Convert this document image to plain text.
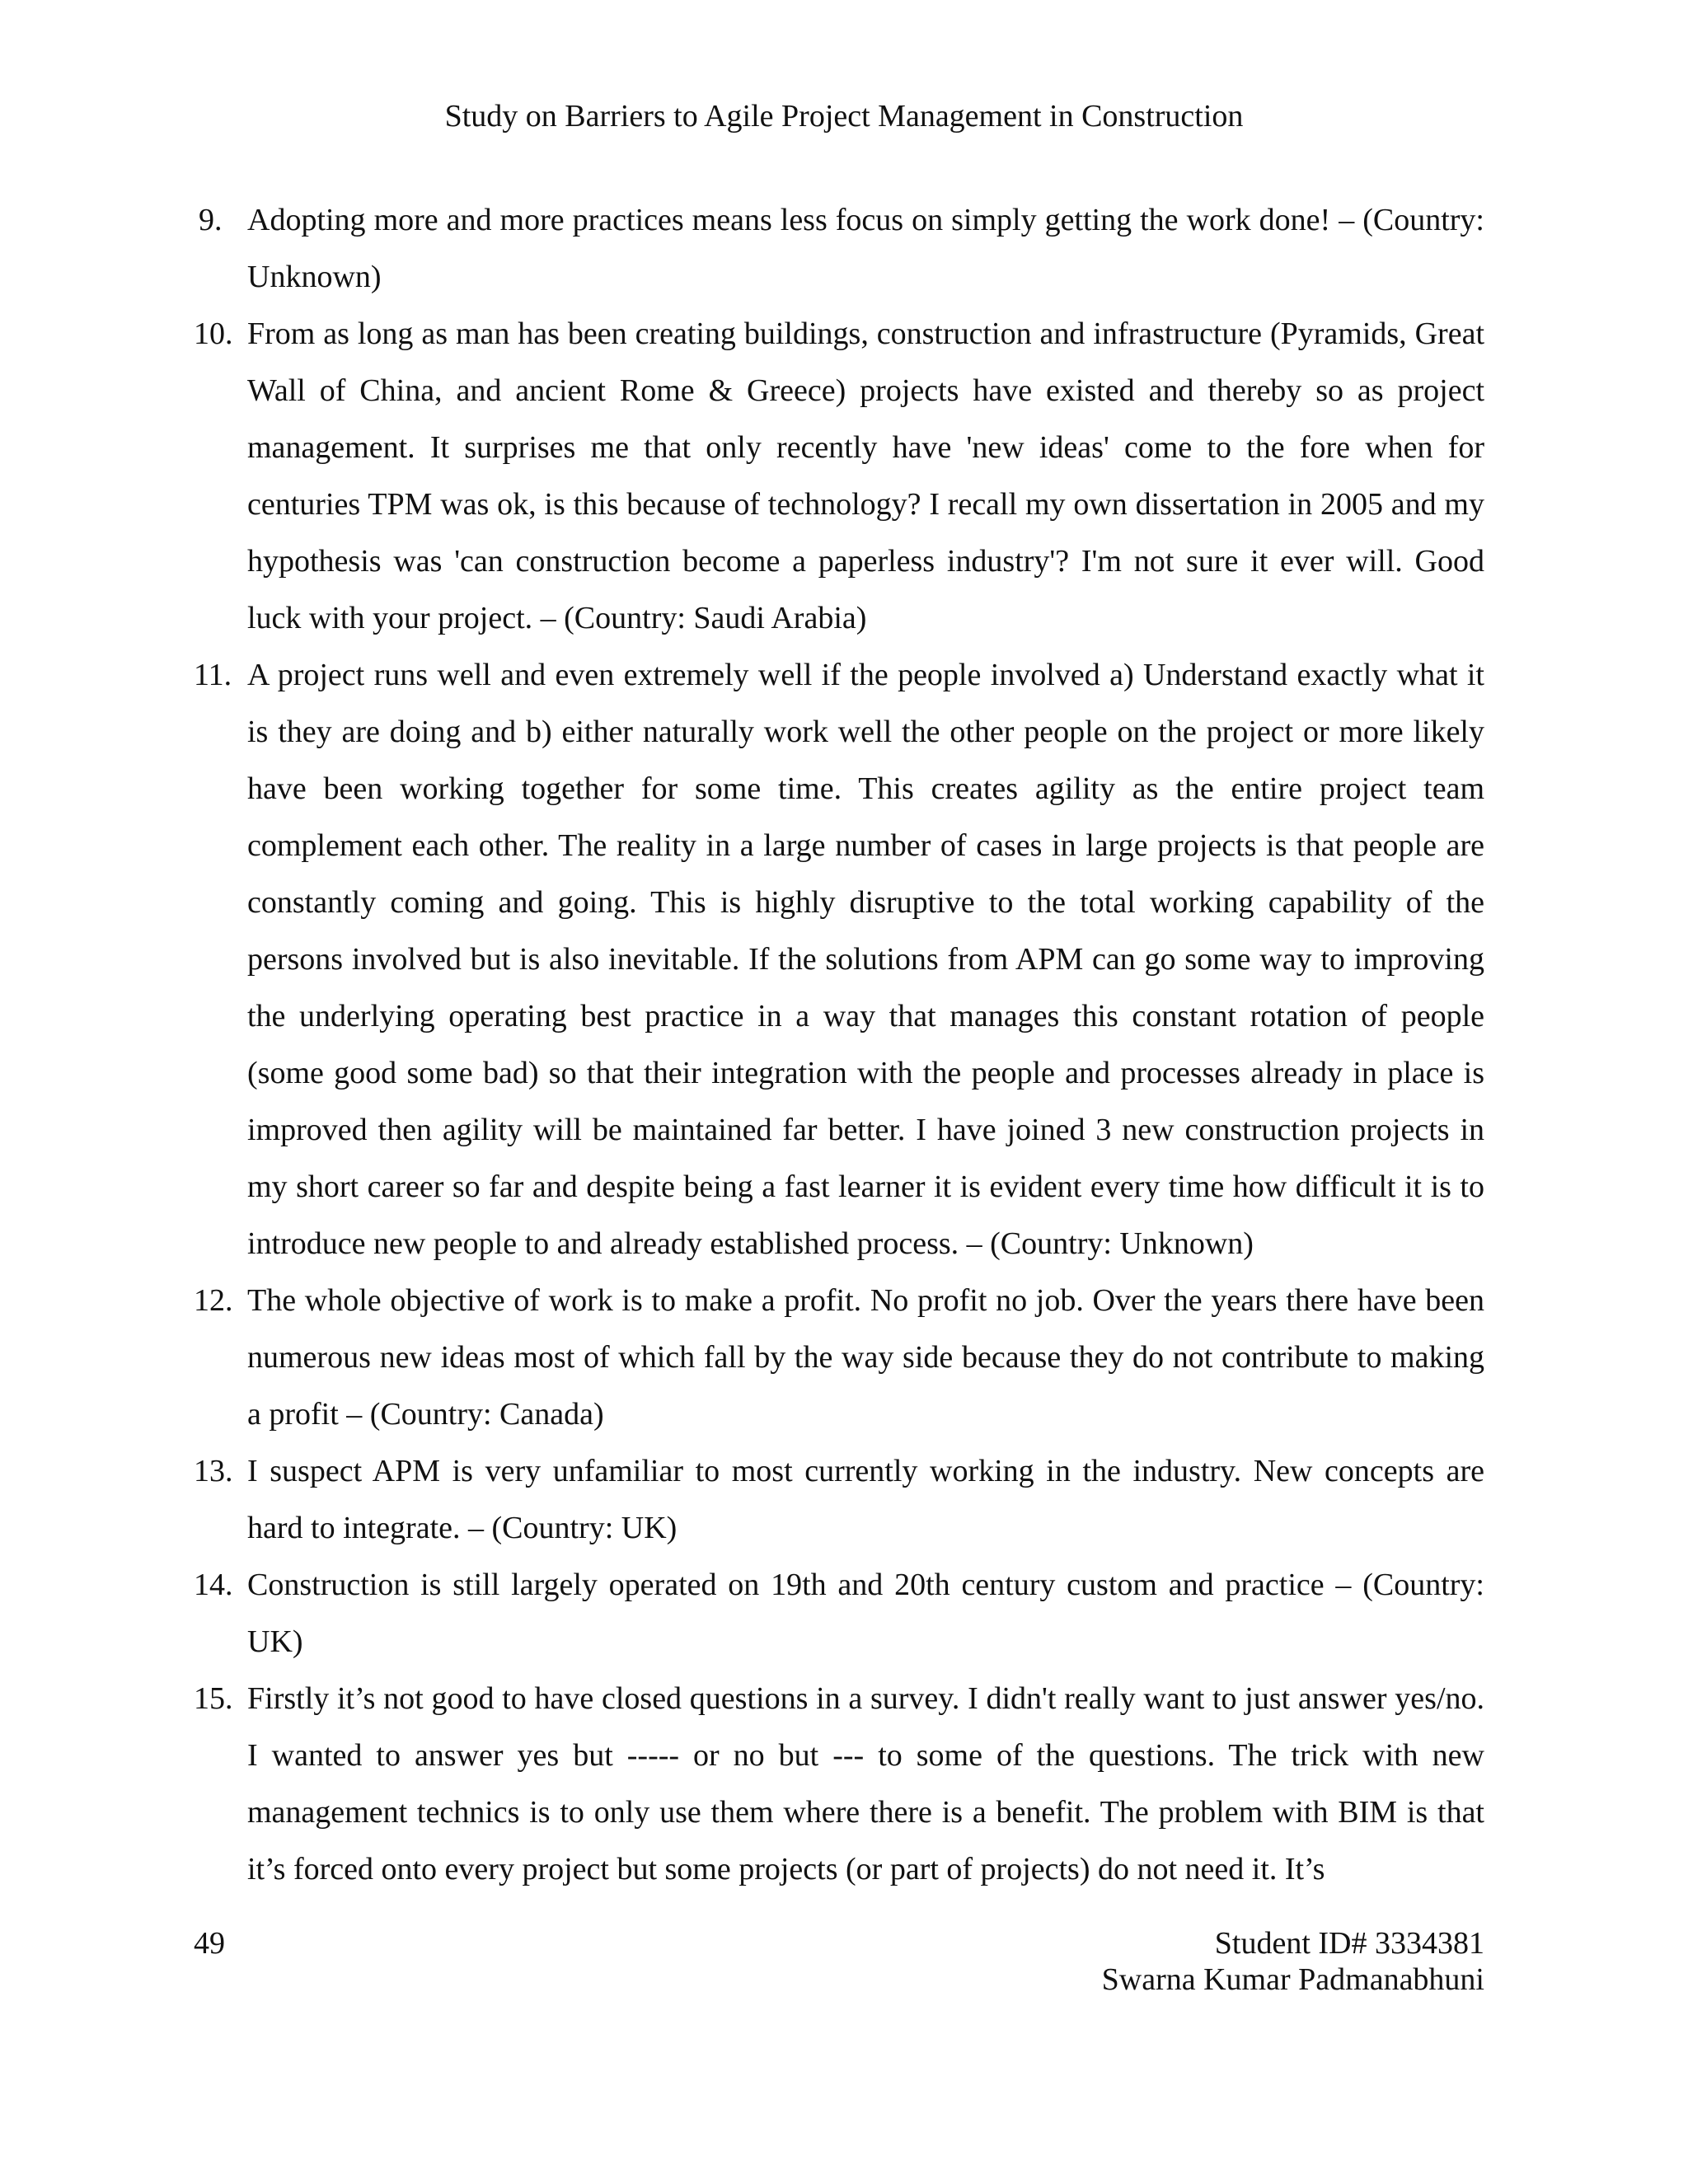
Study on Barriers to Agile Project Management in Construction
9. Adopting more and more practices means less focus on simply getting the work done! – (Country: Unknown)
10. From as long as man has been creating buildings, construction and infrastructure (Pyramids, Great Wall of China, and ancient Rome & Greece) projects have existed and thereby so as project management. It surprises me that only recently have 'new ideas' come to the fore when for centuries TPM was ok, is this because of technology? I recall my own dissertation in 2005 and my hypothesis was 'can construction become a paperless industry'? I'm not sure it ever will. Good luck with your project. – (Country: Saudi Arabia)
11. A project runs well and even extremely well if the people involved a) Understand exactly what it is they are doing and b) either naturally work well the other people on the project or more likely have been working together for some time. This creates agility as the entire project team complement each other. The reality in a large number of cases in large projects is that people are constantly coming and going. This is highly disruptive to the total working capability of the persons involved but is also inevitable. If the solutions from APM can go some way to improving the underlying operating best practice in a way that manages this constant rotation of people (some good some bad) so that their integration with the people and processes already in place is improved then agility will be maintained far better. I have joined 3 new construction projects in my short career so far and despite being a fast learner it is evident every time how difficult it is to introduce new people to and already established process. – (Country: Unknown)
12. The whole objective of work is to make a profit. No profit no job. Over the years there have been numerous new ideas most of which fall by the way side because they do not contribute to making a profit – (Country: Canada)
13. I suspect APM is very unfamiliar to most currently working in the industry. New concepts are hard to integrate. – (Country: UK)
14. Construction is still largely operated on 19th and 20th century custom and practice – (Country: UK)
15. Firstly it’s not good to have closed questions in a survey. I didn't really want to just answer yes/no. I wanted to answer yes but ----- or no but --- to some of the questions. The trick with new management technics is to only use them where there is a benefit. The problem with BIM is that it’s forced onto every project but some projects (or part of projects) do not need it. It’s
49	Student ID# 3334381
Swarna Kumar Padmanabhuni
